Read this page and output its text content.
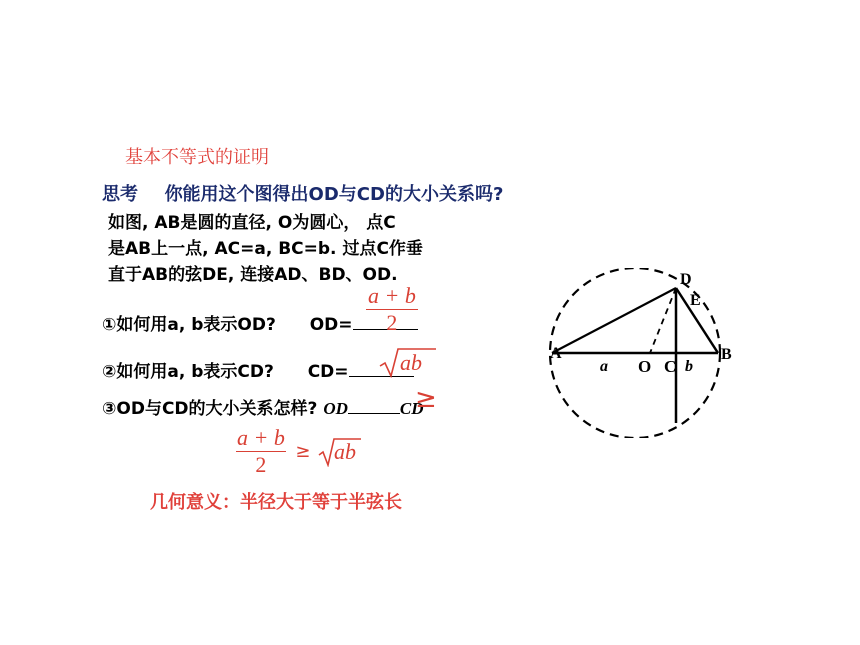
基本不等式的证明
思考 你能用这个图得出OD与CD的大小关系吗?
如图, AB是圆的直径, O为圆心， 点C
是AB上一点, AC=a, BC=b. 过点C作垂
直于AB的弦DE, 连接AD、BD、OD.
①如何用a, b表示OD? $OD= \frac{a + b}{2}$
②如何用a, b表示CD? CD=	ab
③OD与CD的大小关系怎样? OD	CD
≥
$\frac{a + b}{2}$ ≥ ab
几何意义：半径大于等于半弦长
A	B
C
O
D
E
a	b
